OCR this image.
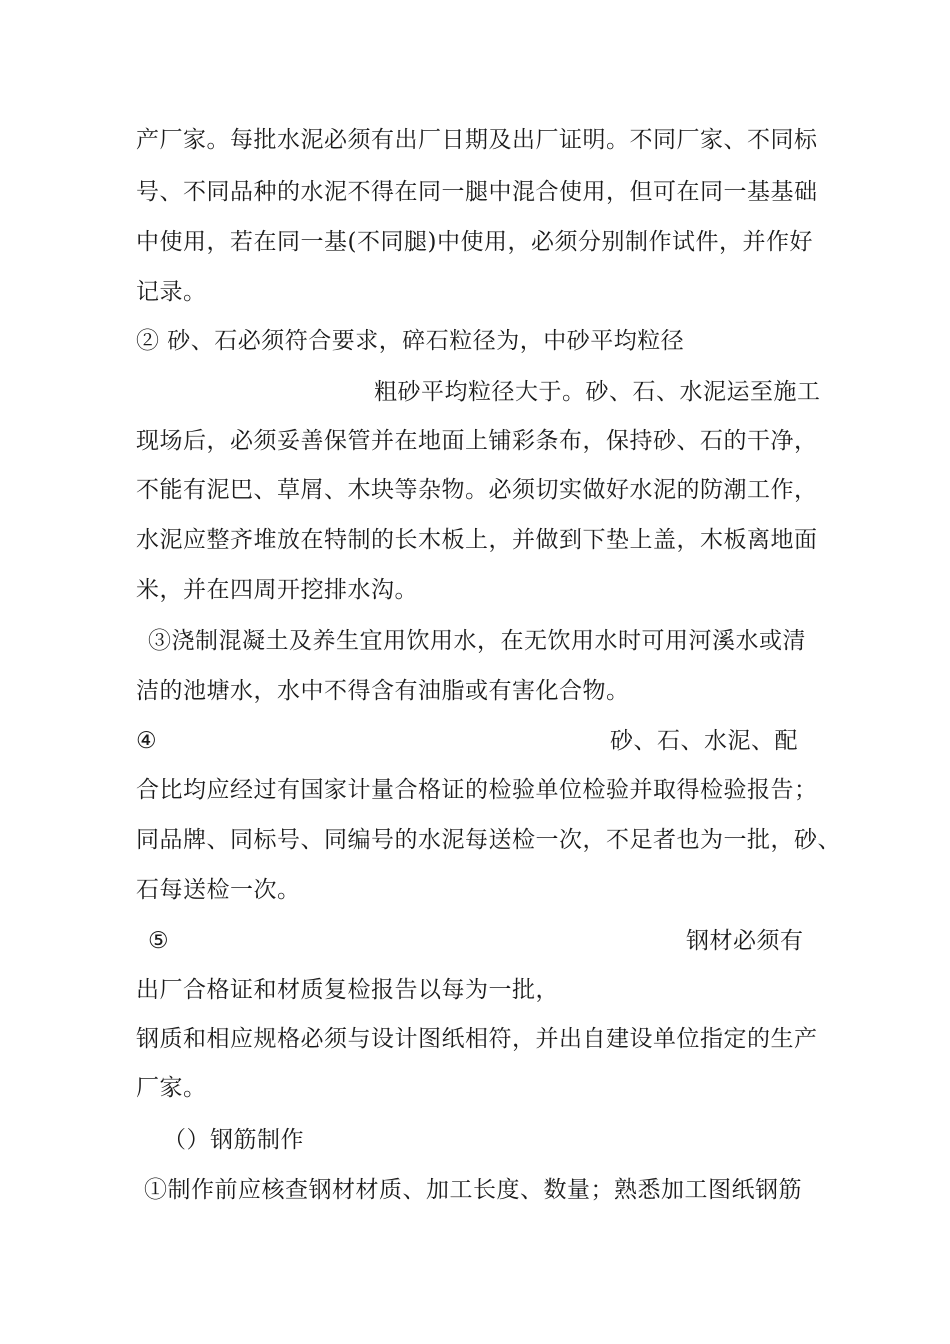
产厂家。每批水泥必须有出厂日期及出厂证明。不同厂家、不同标
号、不同品种的水泥不得在同一腿中混合使用，但可在同一基基础
中使用，若在同一基(不同腿)中使用，必须分别制作试件，并作好
记录。
② 砂、石必须符合要求，碎石粒径为，中砂平均粒径
粗砂平均粒径大于。砂、石、水泥运至施工
现场后，必须妥善保管并在地面上铺彩条布，保持砂、石的干净，
不能有泥巴、草屑、木块等杂物。必须切实做好水泥的防潮工作，
水泥应整齐堆放在特制的长木板上，并做到下垫上盖，木板离地面
米，并在四周开挖排水沟。
③浇制混凝土及养生宜用饮用水，在无饮用水时可用河溪水或清
洁的池塘水，水中不得含有油脂或有害化合物。
④	砂、石、水泥、配
合比均应经过有国家计量合格证的检验单位检验并取得检验报告；
同品牌、同标号、同编号的水泥每送检一次，不足者也为一批，砂、
石每送检一次。
⑤	钢材必须有
出厂合格证和材质复检报告以每为一批，
钢质和相应规格必须与设计图纸相符，并出自建设单位指定的生产
厂家。
（）钢筋制作
①制作前应核查钢材材质、加工长度、数量；熟悉加工图纸钢筋
